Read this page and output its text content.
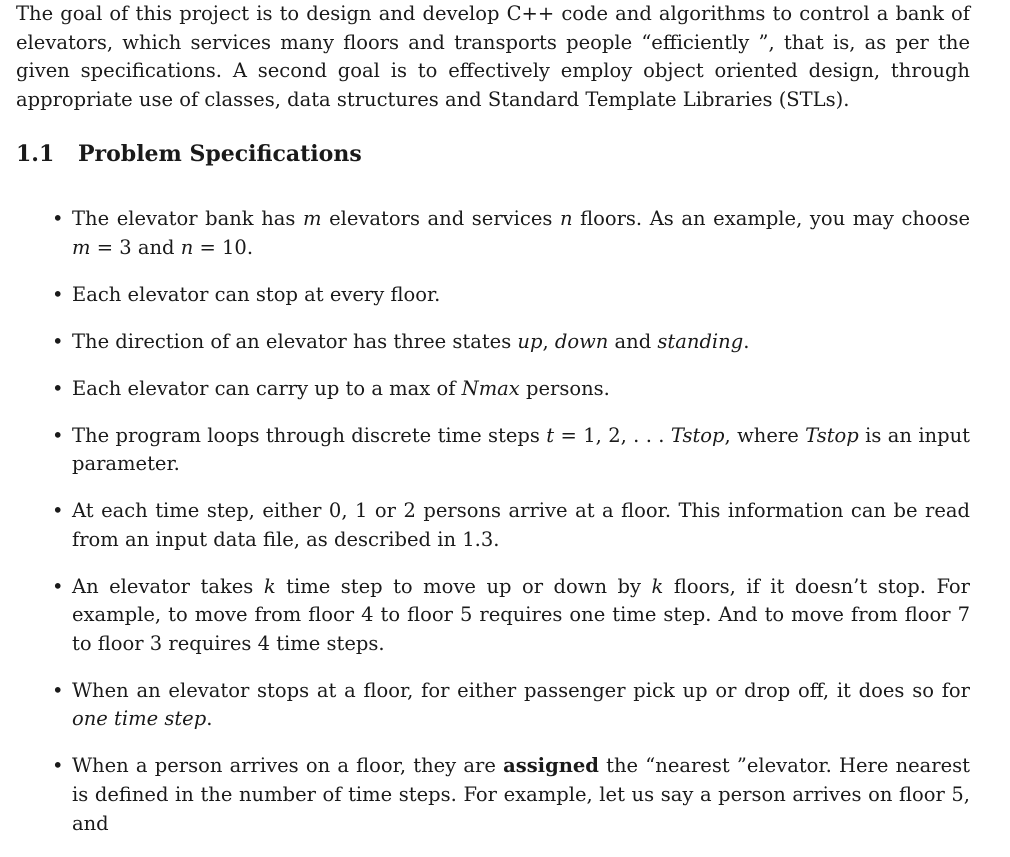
The goal of this project is to design and develop C++ code and algorithms to control a bank of elevators, which services many floors and transports people “efficiently ”, that is, as per the given specifications. A second goal is to effectively employ object oriented design, through appropriate use of classes, data structures and Standard Template Libraries (STLs).

1.1 Problem Specifications
• The elevator bank has m elevators and services n floors. As an example, you may choose m = 3 and n = 10.
• Each elevator can stop at every floor.
• The direction of an elevator has three states up, down and standing.
• Each elevator can carry up to a max of Nmax persons.
• The program loops through discrete time steps t = 1, 2, . . . Tstop, where Tstop is an input parameter.
• At each time step, either 0, 1 or 2 persons arrive at a floor. This information can be read from an input data file, as described in 1.3.
• An elevator takes k time step to move up or down by k floors, if it doesn’t stop. For example, to move from floor 4 to floor 5 requires one time step. And to move from floor 7 to floor 3 requires 4 time steps.
• When an elevator stops at a floor, for either passenger pick up or drop off, it does so for one time step.
• When a person arrives on a floor, they are assigned the “nearest ”elevator. Here nearest is defined in the number of time steps. For example, let us say a person arrives on floor 5, and
